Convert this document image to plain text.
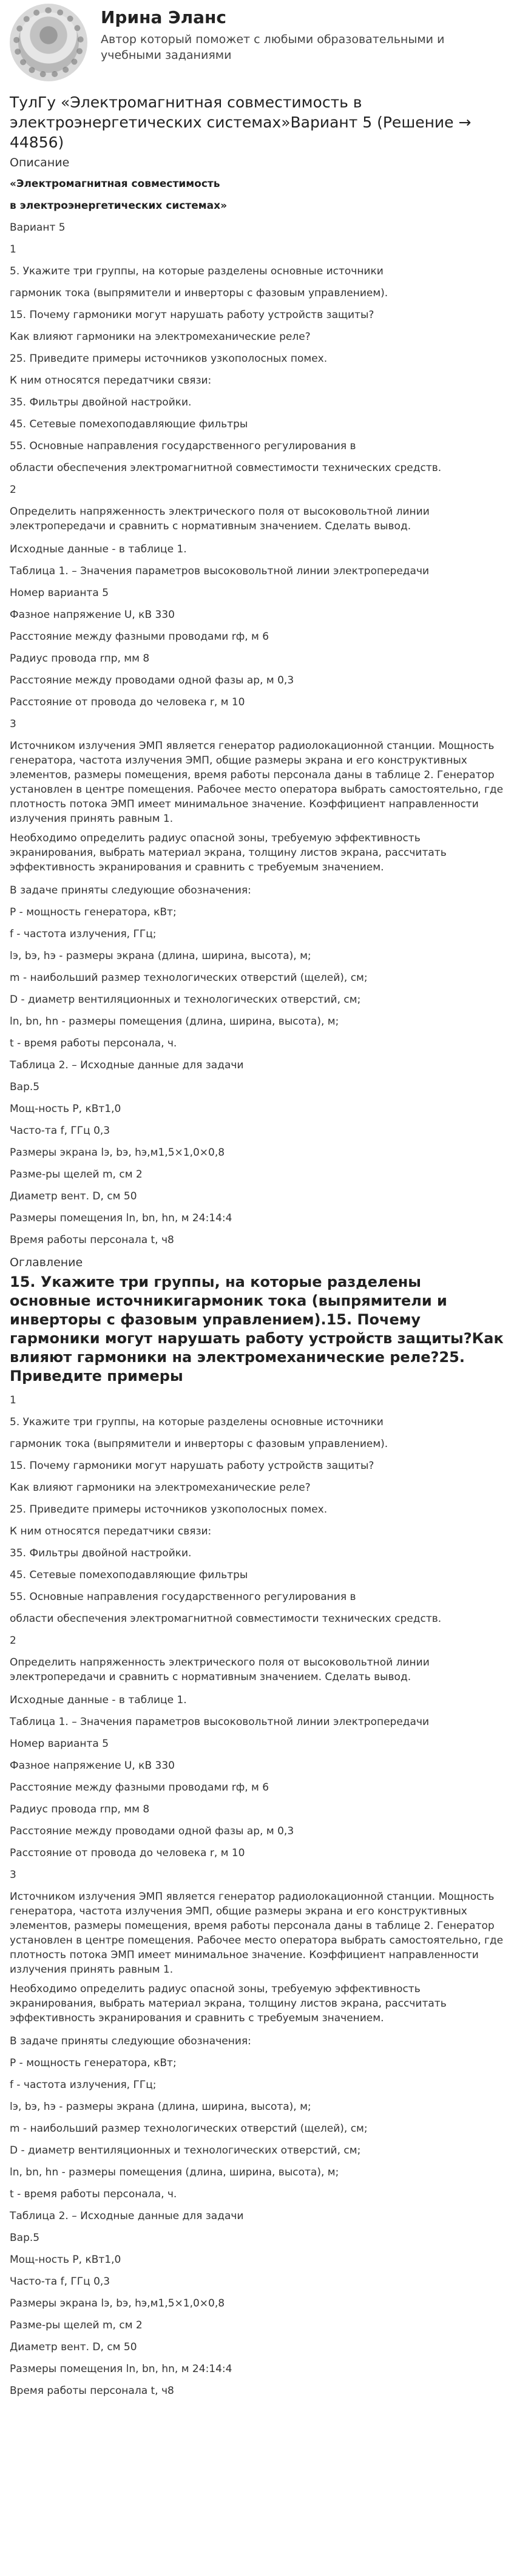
Ирина Эланс
Автор который поможет с любыми образовательными и учебными заданиями
ТулГу «Электромагнитная совместимость в электроэнергетических системах»Вариант 5 (Решение → 44856)
Описание
«Электромагнитная совместимость
в электроэнергетических системах»

Вариант 5

1

5. Укажите три группы, на которые разделены основные источники

гармоник тока (выпрямители и инверторы с фазовым управлением).

15. Почему гармоники могут нарушать работу устройств защиты?

Как влияют гармоники на электромеханические реле?

25. Приведите примеры источников узкополосных помех.

К ним относятся передатчики связи:

35. Фильтры двойной настройки.

45. Сетевые помехоподавляющие фильтры

55. Основные направления государственного регулирования в

области обеспечения электромагнитной совместимости технических средств.

2

Определить напряженность электрического поля от высоковольтной линии электропередачи и сравнить с нормативным значением. Сделать вывод.

Исходные данные - в таблице 1.

Таблица 1. – Значения параметров высоковольтной линии электропередачи

Номер варианта 5

Фазное напряжение U, кВ 330

Расстояние между фазными проводами rф, м 6

Радиус провода rпр, мм 8

Расстояние между проводами одной фазы ар, м 0,3

Расстояние от провода до человека r, м 10

3

Источником излучения ЭМП является генератор радиолокационной станции. Мощность генератора, частота излучения ЭМП, общие размеры экрана и его конструктивных элементов, размеры помещения, время работы персонала даны в таблице 2. Генератор установлен в центре помещения. Рабочее место оператора выбрать самостоятельно, где плотность потока ЭМП имеет минимальное значение. Коэффициент направленности излучения принять равным 1.

Необходимо определить радиус опасной зоны, требуемую эффективность экранирования, выбрать материал экрана, толщину листов экрана, рассчитать эффективность экранирования и сравнить с требуемым значением.

В задаче приняты следующие обозначения:

P - мощность генератора, кВт;

f - частота излучения, ГГц;

lэ, bэ, hэ - размеры экрана (длина, ширина, высота), м;

m - наибольший размер технологических отверстий (щелей), см;

D - диаметр вентиляционных и технологических отверстий, см;

ln, bn, hn - размеры помещения (длина, ширина, высота), м;

t - время работы персонала, ч.

Таблица 2. – Исходные данные для задачи

Вар.5

Мощ-ность Р, кВт1,0

Часто-та f, ГГц 0,3

Размеры экрана lэ, bэ, hэ,м1,5×1,0×0,8

Разме-ры щелей m, см 2

Диаметр вент. D, см 50

Размеры помещения ln, bn, hn, м 24:14:4

Время работы персонала t, ч8

Оглавление
15. Укажите три группы, на которые разделены основные источникигармоник тока (выпрямители и инверторы с фазовым управлением).15. Почему гармоники могут нарушать работу устройств защиты?Как влияют гармоники на электромеханические реле?25. Приведите примеры

1

5. Укажите три группы, на которые разделены основные источники

гармоник тока (выпрямители и инверторы с фазовым управлением).

15. Почему гармоники могут нарушать работу устройств защиты?

Как влияют гармоники на электромеханические реле?

25. Приведите примеры источников узкополосных помех.

К ним относятся передатчики связи:

35. Фильтры двойной настройки.

45. Сетевые помехоподавляющие фильтры

55. Основные направления государственного регулирования в

области обеспечения электромагнитной совместимости технических средств.

2

Определить напряженность электрического поля от высоковольтной линии электропередачи и сравнить с нормативным значением. Сделать вывод.

Исходные данные - в таблице 1.

Таблица 1. – Значения параметров высоковольтной линии электропередачи

Номер варианта 5

Фазное напряжение U, кВ 330

Расстояние между фазными проводами rф, м 6

Радиус провода rпр, мм 8

Расстояние между проводами одной фазы ар, м 0,3

Расстояние от провода до человека r, м 10

3

Источником излучения ЭМП является генератор радиолокационной станции. Мощность генератора, частота излучения ЭМП, общие размеры экрана и его конструктивных элементов, размеры помещения, время работы персонала даны в таблице 2. Генератор установлен в центре помещения. Рабочее место оператора выбрать самостоятельно, где плотность потока ЭМП имеет минимальное значение. Коэффициент направленности излучения принять равным 1.

Необходимо определить радиус опасной зоны, требуемую эффективность экранирования, выбрать материал экрана, толщину листов экрана, рассчитать эффективность экранирования и сравнить с требуемым значением.

В задаче приняты следующие обозначения:

P - мощность генератора, кВт;

f - частота излучения, ГГц;

lэ, bэ, hэ - размеры экрана (длина, ширина, высота), м;

m - наибольший размер технологических отверстий (щелей), см;

D - диаметр вентиляционных и технологических отверстий, см;

ln, bn, hn - размеры помещения (длина, ширина, высота), м;

t - время работы персонала, ч.

Таблица 2. – Исходные данные для задачи

Вар.5

Мощ-ность Р, кВт1,0

Часто-та f, ГГц 0,3

Размеры экрана lэ, bэ, hэ,м1,5×1,0×0,8

Разме-ры щелей m, см 2

Диаметр вент. D, см 50

Размеры помещения ln, bn, hn, м 24:14:4

Время работы персонала t, ч8
